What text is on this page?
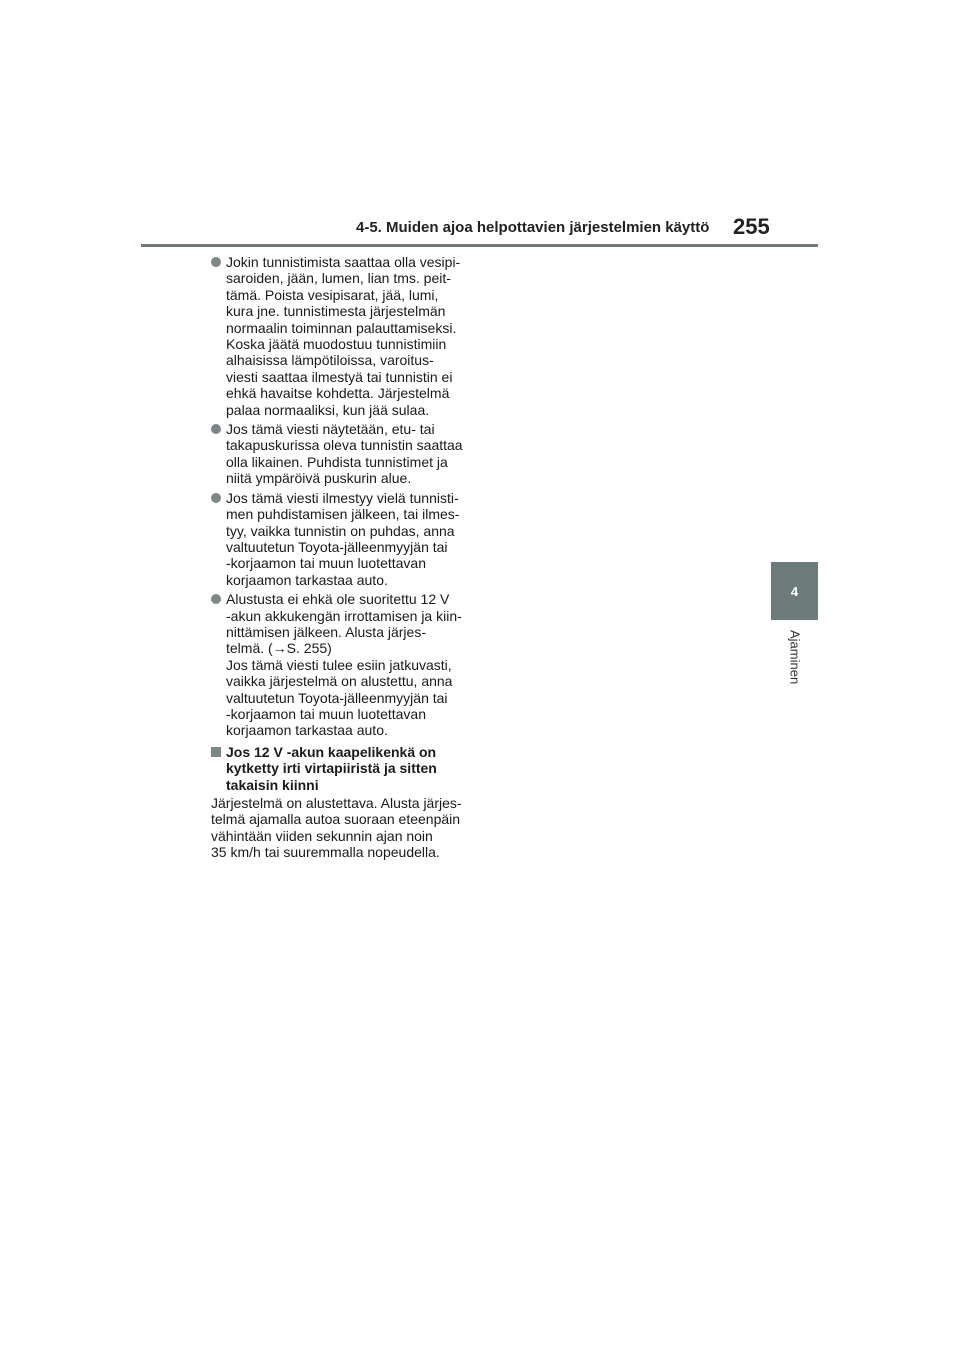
4-5. Muiden ajoa helpottavien järjestelmien käyttö 255
4
Ajaminen
Jokin tunnistimista saattaa olla vesipi-
saroiden, jään, lumen, lian tms. peit-
tämä. Poista vesipisarat, jää, lumi,
kura jne. tunnistimesta järjestelmän
normaalin toiminnan palauttamiseksi.
Koska jäätä muodostuu tunnistimiin
alhaisissa lämpötiloissa, varoitus-
viesti saattaa ilmestyä tai tunnistin ei
ehkä havaitse kohdetta. Järjestelmä
palaa normaaliksi, kun jää sulaa.
Jos tämä viesti näytetään, etu- tai
takapuskurissa oleva tunnistin saattaa
olla likainen. Puhdista tunnistimet ja
niitä ympäröivä puskurin alue.
Jos tämä viesti ilmestyy vielä tunnisti-
men puhdistamisen jälkeen, tai ilmes-
tyy, vaikka tunnistin on puhdas, anna
valtuutetun Toyota-jälleenmyyjän tai
-korjaamon tai muun luotettavan
korjaamon tarkastaa auto.
Alustusta ei ehkä ole suoritettu 12 V
-akun akkukengän irrottamisen ja kiin-
nittämisen jälkeen. Alusta järjes-
telmä. (→S. 255)
Jos tämä viesti tulee esiin jatkuvasti,
vaikka järjestelmä on alustettu, anna
valtuutetun Toyota-jälleenmyyjän tai
-korjaamon tai muun luotettavan
korjaamon tarkastaa auto.
Jos 12 V -akun kaapelikenkä on
kytketty irti virtapiiristä ja sitten
takaisin kiinni
Järjestelmä on alustettava. Alusta järjes-
telmä ajamalla autoa suoraan eteenpäin
vähintään viiden sekunnin ajan noin
35 km/h tai suuremmalla nopeudella.
